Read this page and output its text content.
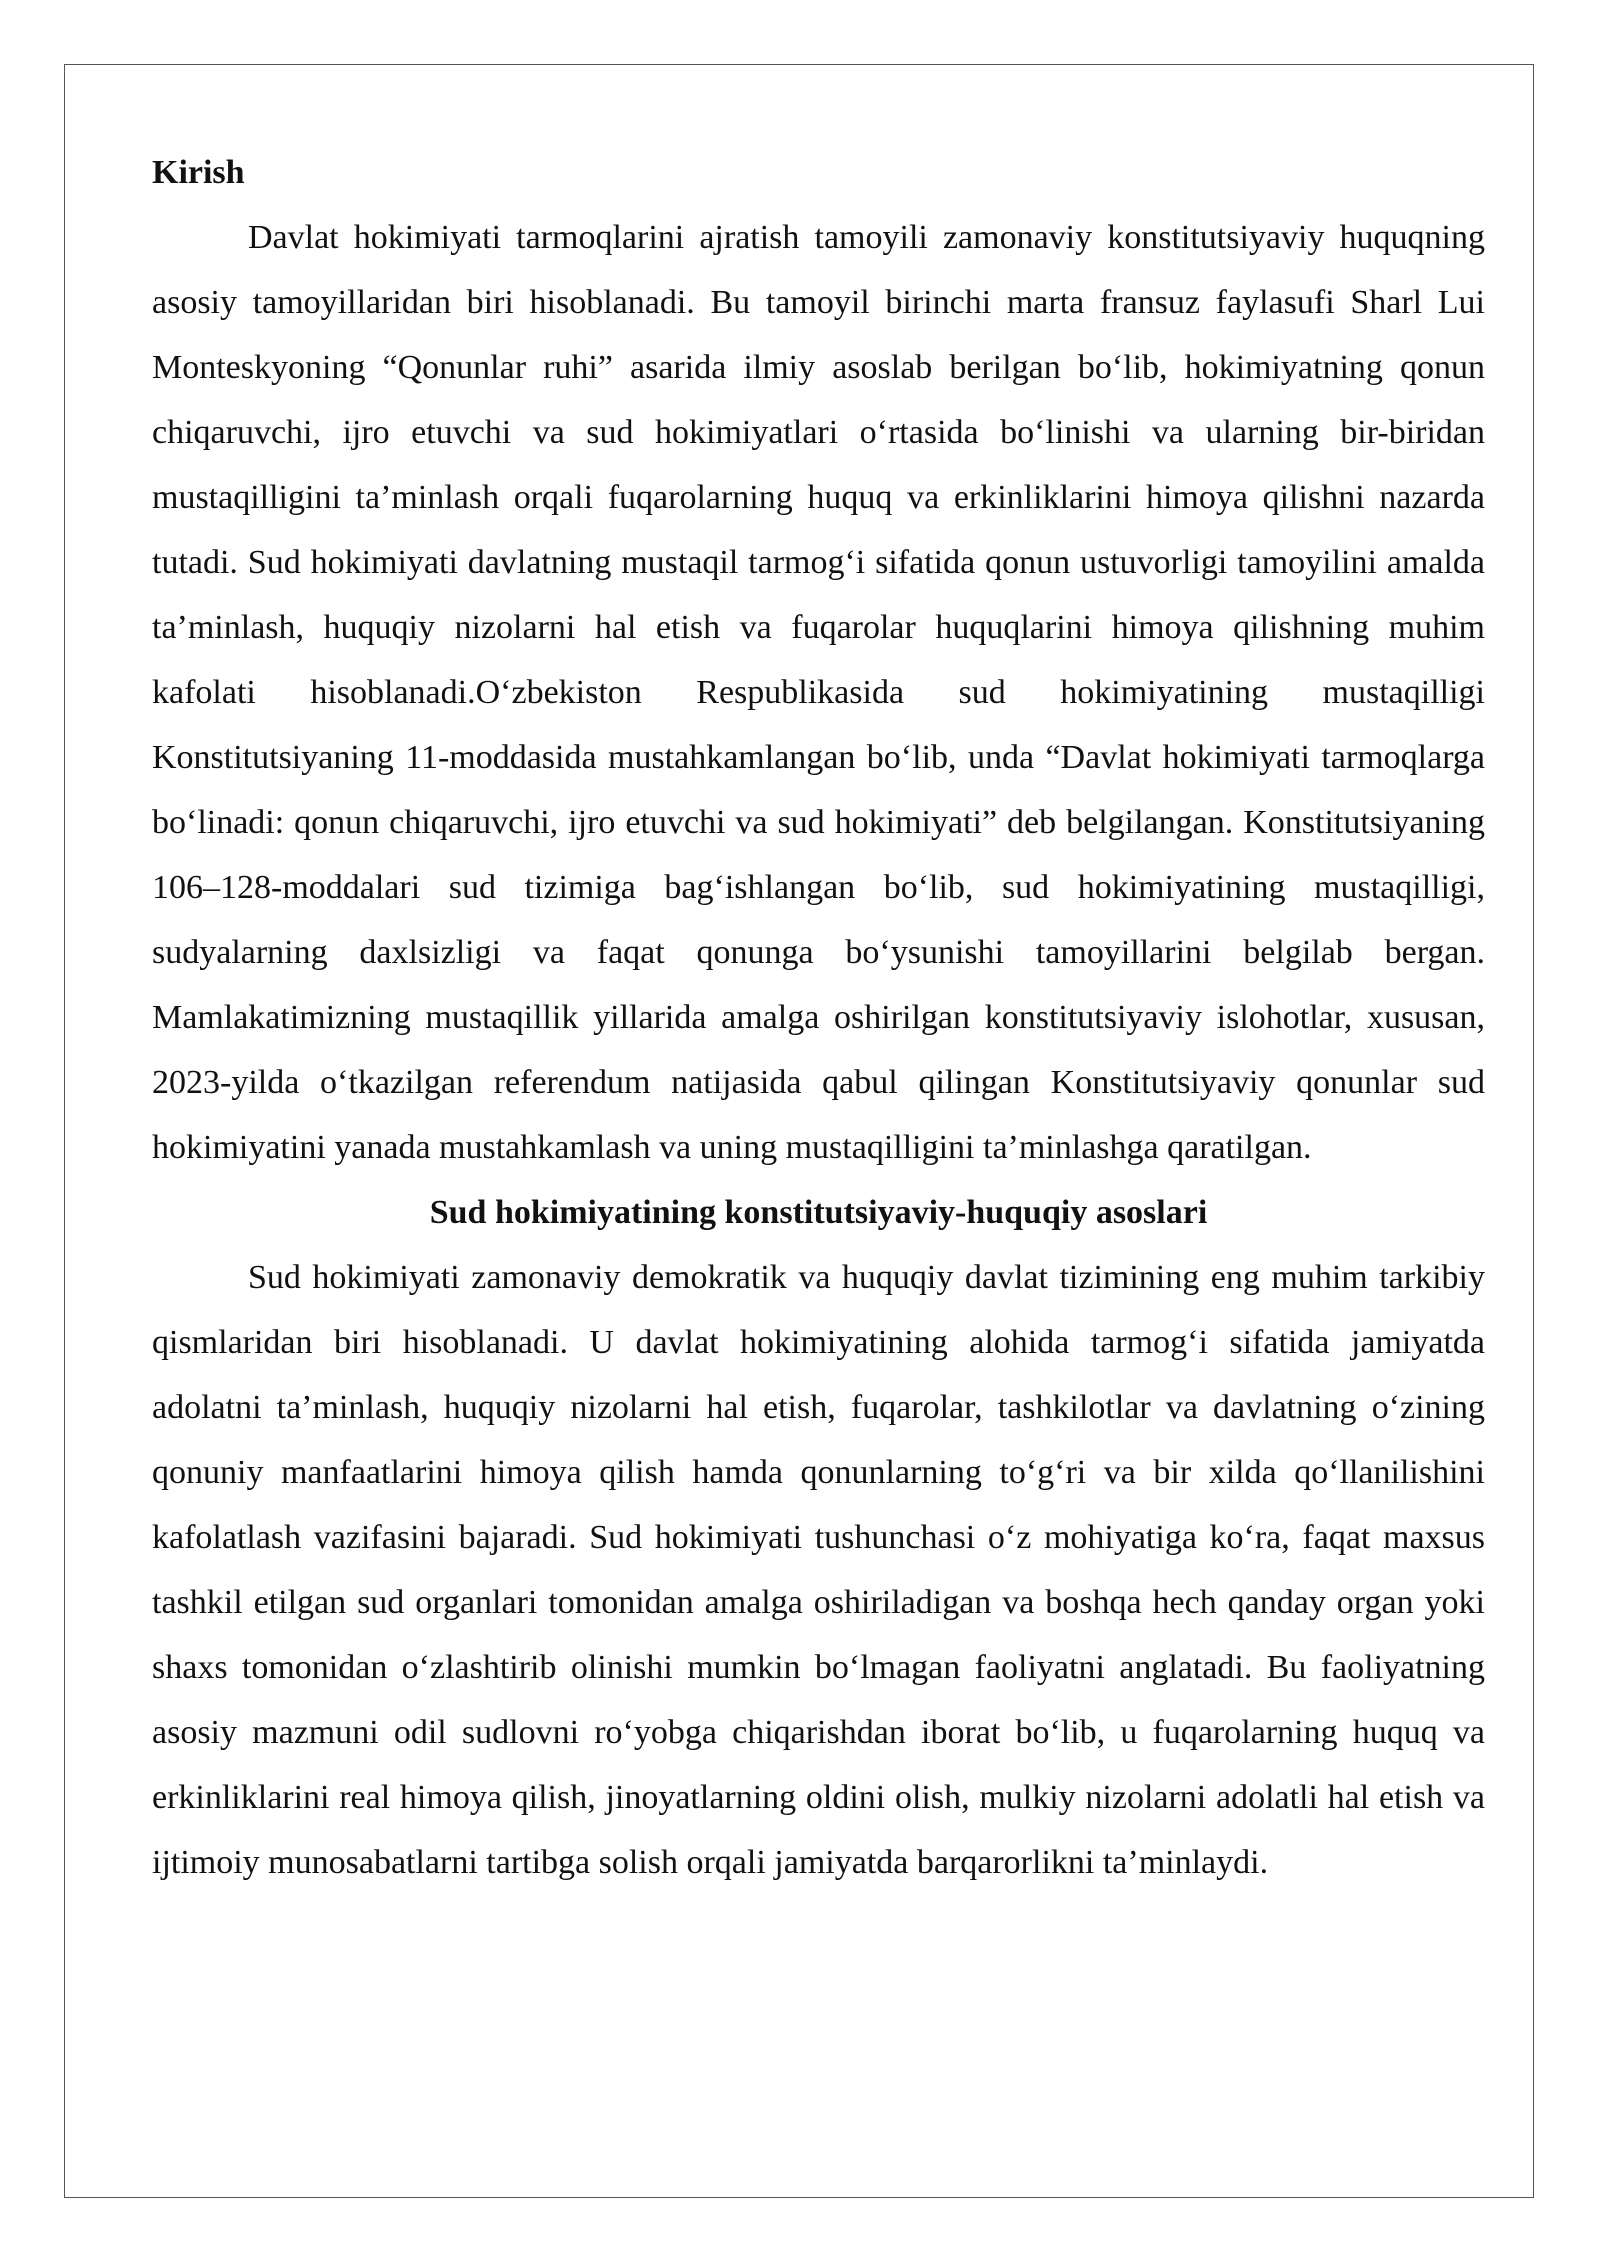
Kirish

Davlat hokimiyati tarmoqlarini ajratish tamoyili zamonaviy konstitutsiyaviy huquqning asosiy tamoyillaridan biri hisoblanadi. Bu tamoyil birinchi marta fransuz faylasufi Sharl Lui Monteskyoning “Qonunlar ruhi” asarida ilmiy asoslab berilgan bo‘lib, hokimiyatning qonun chiqaruvchi, ijro etuvchi va sud hokimiyatlari o‘rtasida bo‘linishi va ularning bir-biridan mustaqilligini ta’minlash orqali fuqarolarning huquq va erkinliklarini himoya qilishni nazarda tutadi. Sud hokimiyati davlatning mustaqil tarmog‘i sifatida qonun ustuvorligi tamoyilini amalda ta’minlash, huquqiy nizolarni hal etish va fuqarolar huquqlarini himoya qilishning muhim kafolati hisoblanadi.O‘zbekiston Respublikasida sud hokimiyatining mustaqilligi Konstitutsiyaning 11-moddasida mustahkamlangan bo‘lib, unda “Davlat hokimiyati tarmoqlarga bo‘linadi: qonun chiqaruvchi, ijro etuvchi va sud hokimiyati” deb belgilangan. Konstitutsiyaning 106–128-moddalari sud tizimiga bag‘ishlangan bo‘lib, sud hokimiyatining mustaqilligi, sudyalarning daxlsizligi va faqat qonunga bo‘ysunishi tamoyillarini belgilab bergan. Mamlakatimizning mustaqillik yillarida amalga oshirilgan konstitutsiyaviy islohotlar, xususan, 2023-yilda o‘tkazilgan referendum natijasida qabul qilingan Konstitutsiyaviy qonunlar sud hokimiyatini yanada mustahkamlash va uning mustaqilligini ta’minlashga qaratilgan.

Sud hokimiyatining konstitutsiyaviy-huquqiy asoslari

Sud hokimiyati zamonaviy demokratik va huquqiy davlat tizimining eng muhim tarkibiy qismlaridan biri hisoblanadi. U davlat hokimiyatining alohida tarmog‘i sifatida jamiyatda adolatni ta’minlash, huquqiy nizolarni hal etish, fuqarolar, tashkilotlar va davlatning o‘zining qonuniy manfaatlarini himoya qilish hamda qonunlarning to‘g‘ri va bir xilda qo‘llanilishini kafolatlash vazifasini bajaradi. Sud hokimiyati tushunchasi o‘z mohiyatiga ko‘ra, faqat maxsus tashkil etilgan sud organlari tomonidan amalga oshiriladigan va boshqa hech qanday organ yoki shaxs tomonidan o‘zlashtirib olinishi mumkin bo‘lmagan faoliyatni anglatadi. Bu faoliyatning asosiy mazmuni odil sudlovni ro‘yobga chiqarishdan iborat bo‘lib, u fuqarolarning huquq va erkinliklarini real himoya qilish, jinoyatlarning oldini olish, mulkiy nizolarni adolatli hal etish va ijtimoiy munosabatlarni tartibga solish orqali jamiyatda barqarorlikni ta’minlaydi.
